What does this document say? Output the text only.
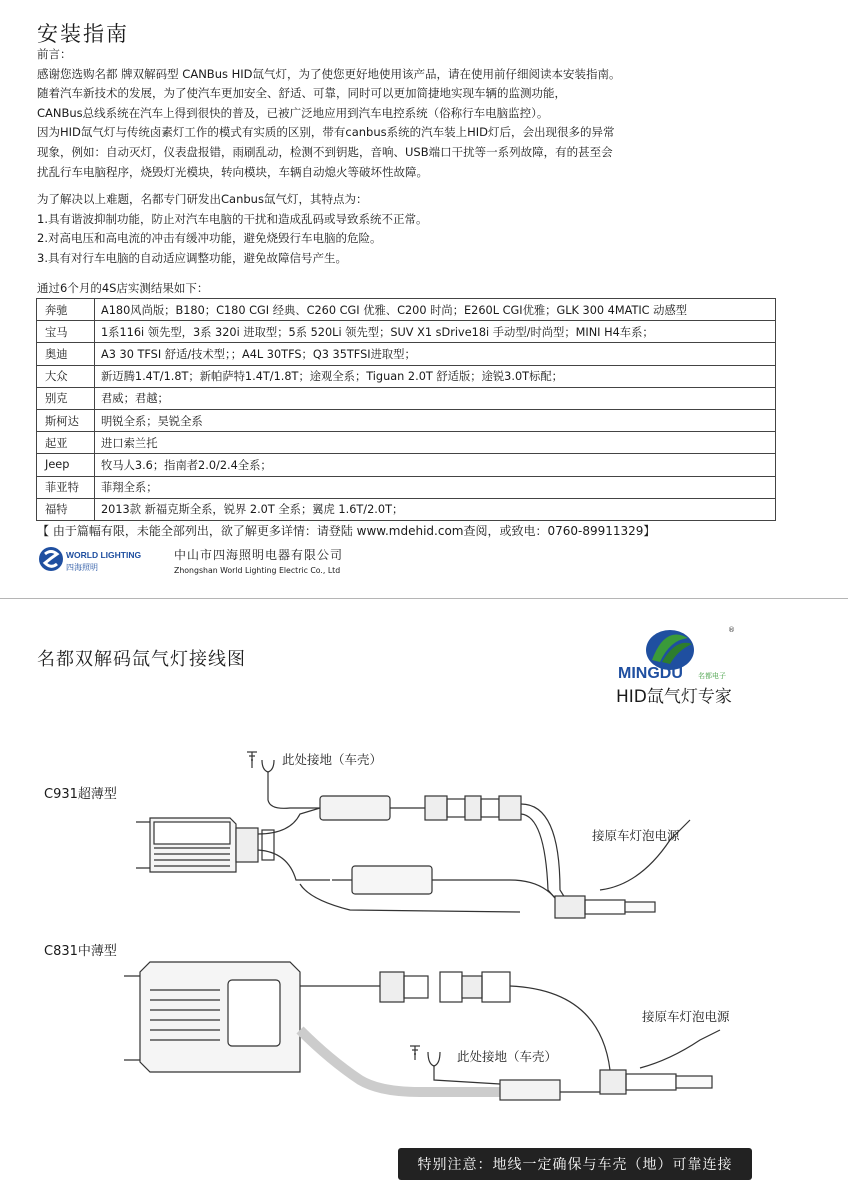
安装指南
前言：
感谢您选购名都 牌双解码型 CANBus HID氙气灯，为了使您更好地使用该产品，请在使用前仔细阅读本安装指南。
随着汽车新技术的发展，为了使汽车更加安全、舒适、可靠，同时可以更加简捷地实现车辆的监测功能，
CANBus总线系统在汽车上得到很快的普及，已被广泛地应用到汽车电控系统（俗称行车电脑监控）。
因为HID氙气灯与传统卤素灯工作的模式有实质的区别，带有canbus系统的汽车装上HID灯后，会出现很多的异常
现象，例如：自动灭灯，仪表盘报错，雨刷乱动，检测不到钥匙，音响、USB端口干扰等一系列故障，有的甚至会
扰乱行车电脑程序，烧毁灯光模块，转向模块，车辆自动熄火等破坏性故障。
为了解决以上难题，名都专门研发出Canbus氙气灯，其特点为：
1.具有谐波抑制功能，防止对汽车电脑的干扰和造成乱码或导致系统不正常。
2.对高电压和高电流的冲击有缓冲功能，避免烧毁行车电脑的危险。
3.具有对行车电脑的自动适应调整功能，避免故障信号产生。
通过6个月的4S店实测结果如下：
奔驰	A180风尚版；B180；C180 CGI 经典、C260 CGI 优雅、C200 时尚；E260L CGI优雅；GLK 300 4MATIC 动感型
宝马	1系116i 领先型，3系 320i 进取型；5系 520Li 领先型；SUV X1 sDrive18i 手动型/时尚型；MINI H4车系；
奥迪	A3 30 TFSI 舒适/技术型；；A4L 30TFS；Q3 35TFSI进取型；
大众	新迈腾1.4T/1.8T；新帕萨特1.4T/1.8T；途观全系；Tiguan 2.0T 舒适版；途锐3.0T标配；
别克	君威；君越；
斯柯达	明锐全系；昊锐全系
起亚	进口索兰托
Jeep	牧马人3.6；指南者2.0/2.4全系；
菲亚特	菲翔全系；
福特	2013款 新福克斯全系，锐界 2.0T 全系；翼虎 1.6T/2.0T；
【 由于篇幅有限，未能全部列出，欲了解更多详情：请登陆 www.mdehid.com查阅，或致电：0760-89911329】
WORLD LIGHTING
四海照明
中山市四海照明电器有限公司
Zhongshan World Lighting Electric Co., Ltd
名都双解码氙气灯接线图
MINGDU 名都电子
®
HID氙气灯专家
C931超薄型
此处接地（车壳）
接原车灯泡电源
C831中薄型
此处接地（车壳）
接原车灯泡电源
特别注意：地线一定确保与车壳（地）可靠连接
